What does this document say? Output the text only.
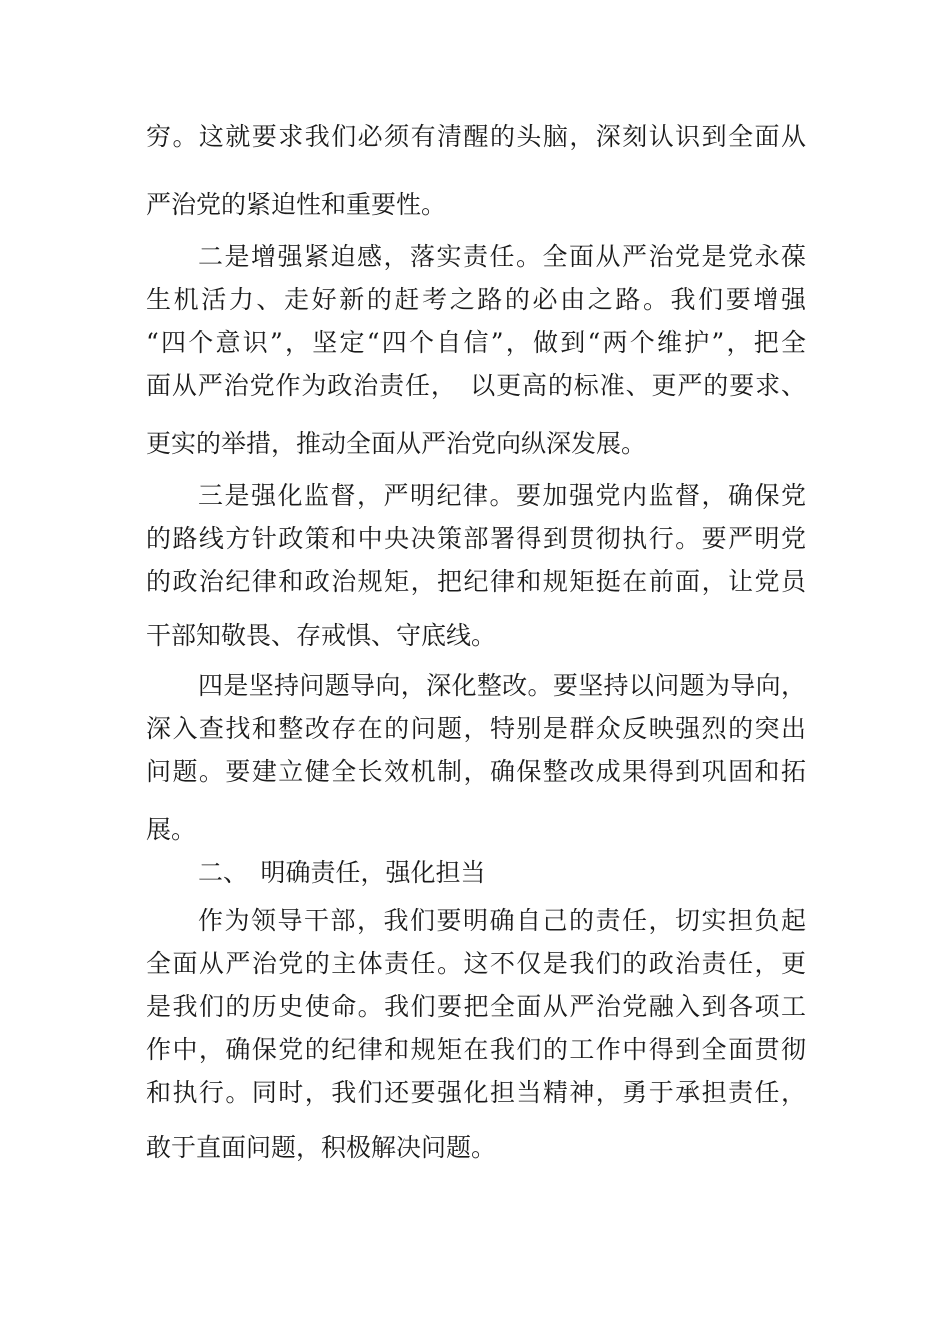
穷。这就要求我们必须有清醒的头脑，深刻认识到全面从
严治党的紧迫性和重要性。
二是增强紧迫感，落实责任。全面从严治党是党永葆
生机活力、走好新的赶考之路的必由之路。我们要增强
“四个意识”，坚定“四个自信”，做到“两个维护”，把全
面从严治党作为政治责任，　以更高的标准、更严的要求、
更实的举措，推动全面从严治党向纵深发展。
三是强化监督，严明纪律。要加强党内监督，确保党
的路线方针政策和中央决策部署得到贯彻执行。要严明党
的政治纪律和政治规矩，把纪律和规矩挺在前面，让党员
干部知敬畏、存戒惧、守底线。
四是坚持问题导向，深化整改。要坚持以问题为导向，
深入查找和整改存在的问题，特别是群众反映强烈的突出
问题。要建立健全长效机制，确保整改成果得到巩固和拓
展。
二、　明确责任，强化担当
作为领导干部，我们要明确自己的责任，切实担负起
全面从严治党的主体责任。这不仅是我们的政治责任，更
是我们的历史使命。我们要把全面从严治党融入到各项工
作中，确保党的纪律和规矩在我们的工作中得到全面贯彻
和执行。同时，我们还要强化担当精神，勇于承担责任，
敢于直面问题，积极解决问题。
